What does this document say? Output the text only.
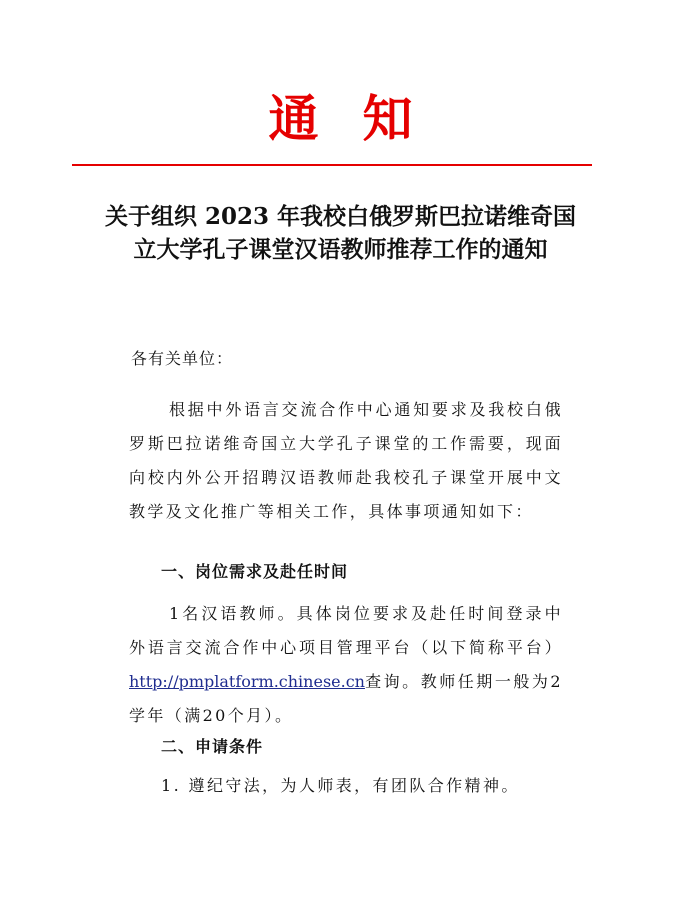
通知
关于组织 2023 年我校白俄罗斯巴拉诺维奇国立大学孔子课堂汉语教师推荐工作的通知
各有关单位：

根据中外语言交流合作中心通知要求及我校白俄罗斯巴拉诺维奇国立大学孔子课堂的工作需要，现面向校内外公开招聘汉语教师赴我校孔子课堂开展中文教学及文化推广等相关工作，具体事项通知如下：

一、岗位需求及赴任时间

1名汉语教师。具体岗位要求及赴任时间登录中外语言交流合作中心项目管理平台（以下简称平台）http://pmplatform.chinese.cn查询。教师任期一般为2学年（满20个月）。

二、申请条件
1. 遵纪守法，为人师表，有团队合作精神。
